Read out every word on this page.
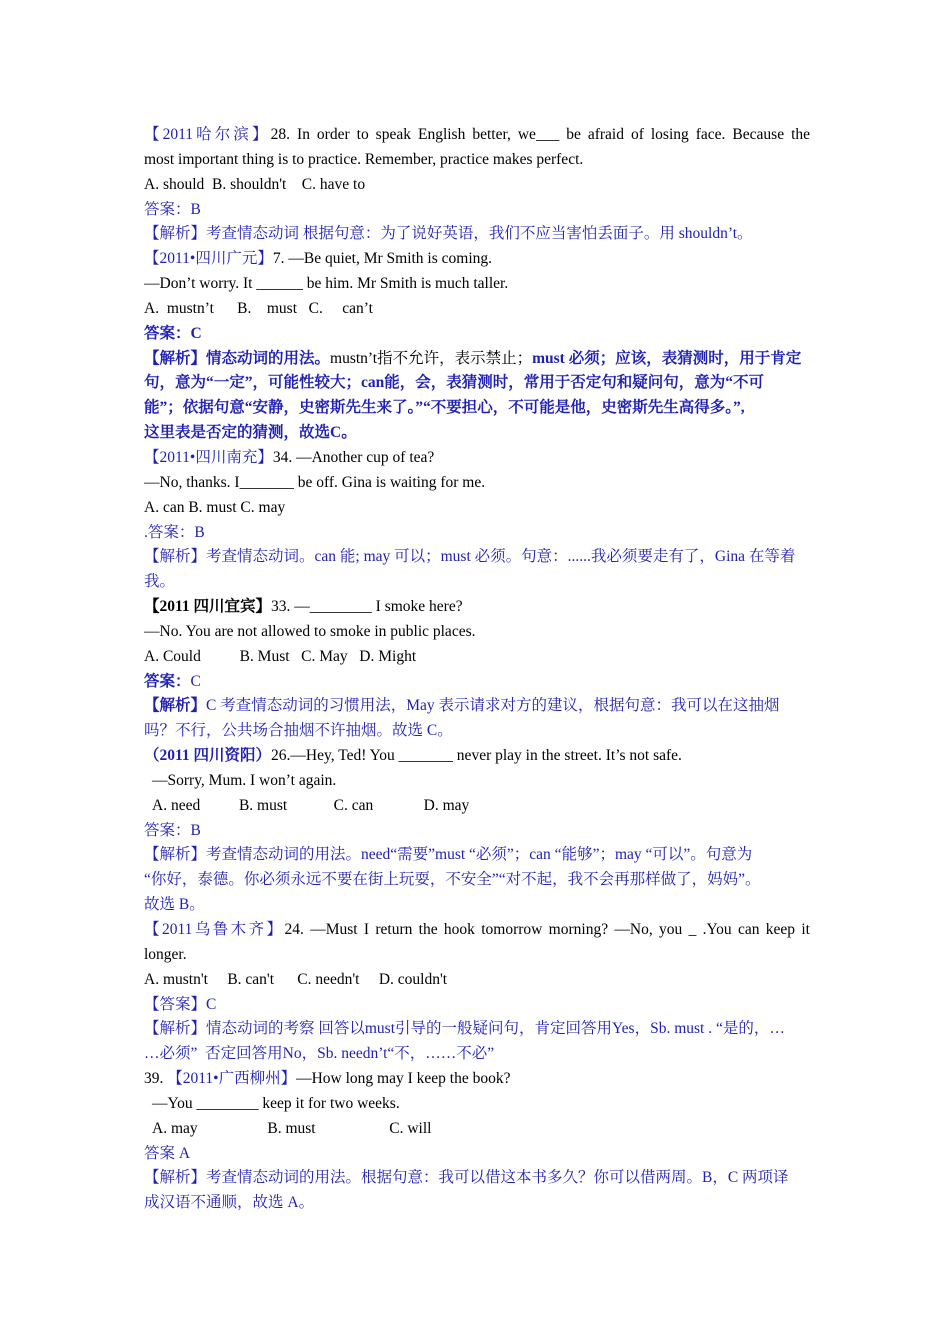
【2011哈尔滨】28. In order to speak English better, we___ be afraid of losing face. Because the
most important thing is to practice. Remember, practice makes perfect.
A. should  B. shouldn't    C. have to
答案：B
【解析】考查情态动词 根据句意：为了说好英语，我们不应当害怕丢面子。用 shouldn’t。
【2011•四川广元】7. —Be quiet, Mr Smith is coming.
—Don’t worry. It ______ be him. Mr Smith is much taller.
A.  mustn’t      B.    must   C.     can’t
答案：C
【解析】情态动词的用法。mustn’t指不允许，表示禁止；must 必须；应该，表猜测时，用于肯定
句，意为“一定”，可能性较大；can能，会，表猜测时，常用于否定句和疑问句，意为“不可
能”；依据句意“安静，史密斯先生来了。”“不要担心，不可能是他，史密斯先生高得多。”,
这里表是否定的猜测，故选C。
【2011•四川南充】34. —Another cup of tea?
—No, thanks. I_______ be off. Gina is waiting for me.
A. can B. must C. may
.答案：B
【解析】考查情态动词。can 能; may 可以；must 必须。句意：......我必须要走有了，Gina 在等着
我。
【2011 四川宜宾】33. —________ I smoke here?
—No. You are not allowed to smoke in public places.
A. Could          B. Must   C. May   D. Might
答案：C
【解析】C 考查情态动词的习惯用法，May 表示请求对方的建议，根据句意：我可以在这抽烟
吗？不行，公共场合抽烟不许抽烟。故选 C。
（2011 四川资阳）26.—Hey, Ted! You _______ never play in the street. It’s not safe.
—Sorry, Mum. I won’t again.
A. need          B. must            C. can             D. may
答案：B
【解析】考查情态动词的用法。need“需要”must “必须”；can “能够”；may “可以”。句意为
“你好，泰德。你必须永远不要在街上玩耍，不安全”“对不起，我不会再那样做了，妈妈”。
故选 B。
【2011乌鲁木齐】24. —Must I return the hook tomorrow morning? —No, you _ .You can keep it
longer.
A. mustn't     B. can't      C. needn't     D. couldn't
【答案】C
【解析】情态动词的考察 回答以must引导的一般疑问句，肯定回答用Yes，Sb. must . “是的，…
…必须”  否定回答用No，Sb. needn’t“不，……不必”
39. 【2011•广西柳州】—How long may I keep the book?
—You ________ keep it for two weeks.
A. may                  B. must                   C. will
答案 A
【解析】考查情态动词的用法。根据句意：我可以借这本书多久？你可以借两周。B，C 两项译
成汉语不通顺，故选 A。
